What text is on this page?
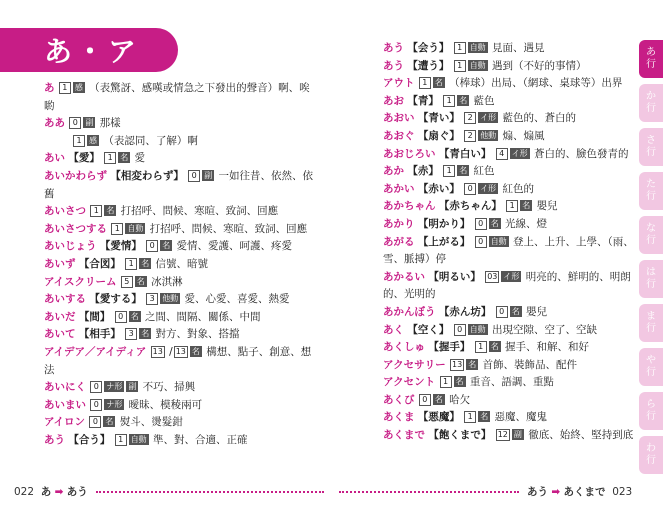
あ・ア

あ 1 感 （表驚訝、感嘆或情急之下發出的聲音）啊、唉喲

ああ 0 副 那樣

1 感 （表認同、了解）啊

あい 【愛】 1 名 愛

あいかわらず 【相変わらず】 0 副 一如往昔、依然、依舊

あいさつ 1 名 打招呼、問候、寒暄、致詞、回應

あいさつする 1 自動 打招呼、問候、寒暄、致詞、回應

あいじょう 【愛情】 0 名 愛情、愛護、呵護、疼愛

あいず 【合図】 1 名 信號、暗號

アイスクリーム 5 名 冰淇淋

あいする 【愛する】 3 他動 愛、心愛、喜愛、熱愛

あいだ 【間】 0 名 之間、間隔、關係、中間

あいて 【相手】 3 名 對方、對象、搭擋

アイデア／アイディア 13 / 13 名 構想、點子、創意、想法

あいにく 0 ナ形 副 不巧、掃興

あいまい 0 ナ形 曖昧、模稜兩可

アイロン 0 名 熨斗、燙髮鉗

あう 【合う】 1 自動 準、對、合適、正確

022 あ ➡ あう

あう 【会う】 1 自動 見面、遇見

あう 【遭う】 1 自動 遇到（不好的事情）

アウト 1 名 （棒球）出局、（網球、桌球等）出界

あお 【青】 1 名 藍色

あおい 【青い】 2 イ形 藍色的、蒼白的

あおぐ 【扇ぐ】 2 他動 煽、煽風

あおじろい 【青白い】 4 イ形 蒼白的、臉色發青的

あか 【赤】 1 名 紅色

あかい 【赤い】 0 イ形 紅色的

あかちゃん 【赤ちゃん】 1 名 嬰兒

あかり 【明かり】 0 名 光線、燈

あがる 【上がる】 0 自動 登上、上升、上學、（雨、雪、脈搏）停

あかるい 【明るい】 03 イ形 明亮的、鮮明的、明朗的、光明的

あかんぼう 【赤ん坊】 0 名 嬰兒

あく 【空く】 0 自動 出現空隙、空了、空缺

あくしゅ 【握手】 1 名 握手、和解、和好

アクセサリー 13 名 首飾、裝飾品、配件

アクセント 1 名 重音、語調、重點

あくび 0 名 哈欠

あくま 【悪魔】 1 名 惡魔、魔鬼

あくまで 【飽くまで】 12 副 徹底、始終、堅持到底

あう ➡ あくまで 023
あ
行
か
行
さ
行
た
行
な
行
は
行
ま
行
や
行
ら
行
わ
行
